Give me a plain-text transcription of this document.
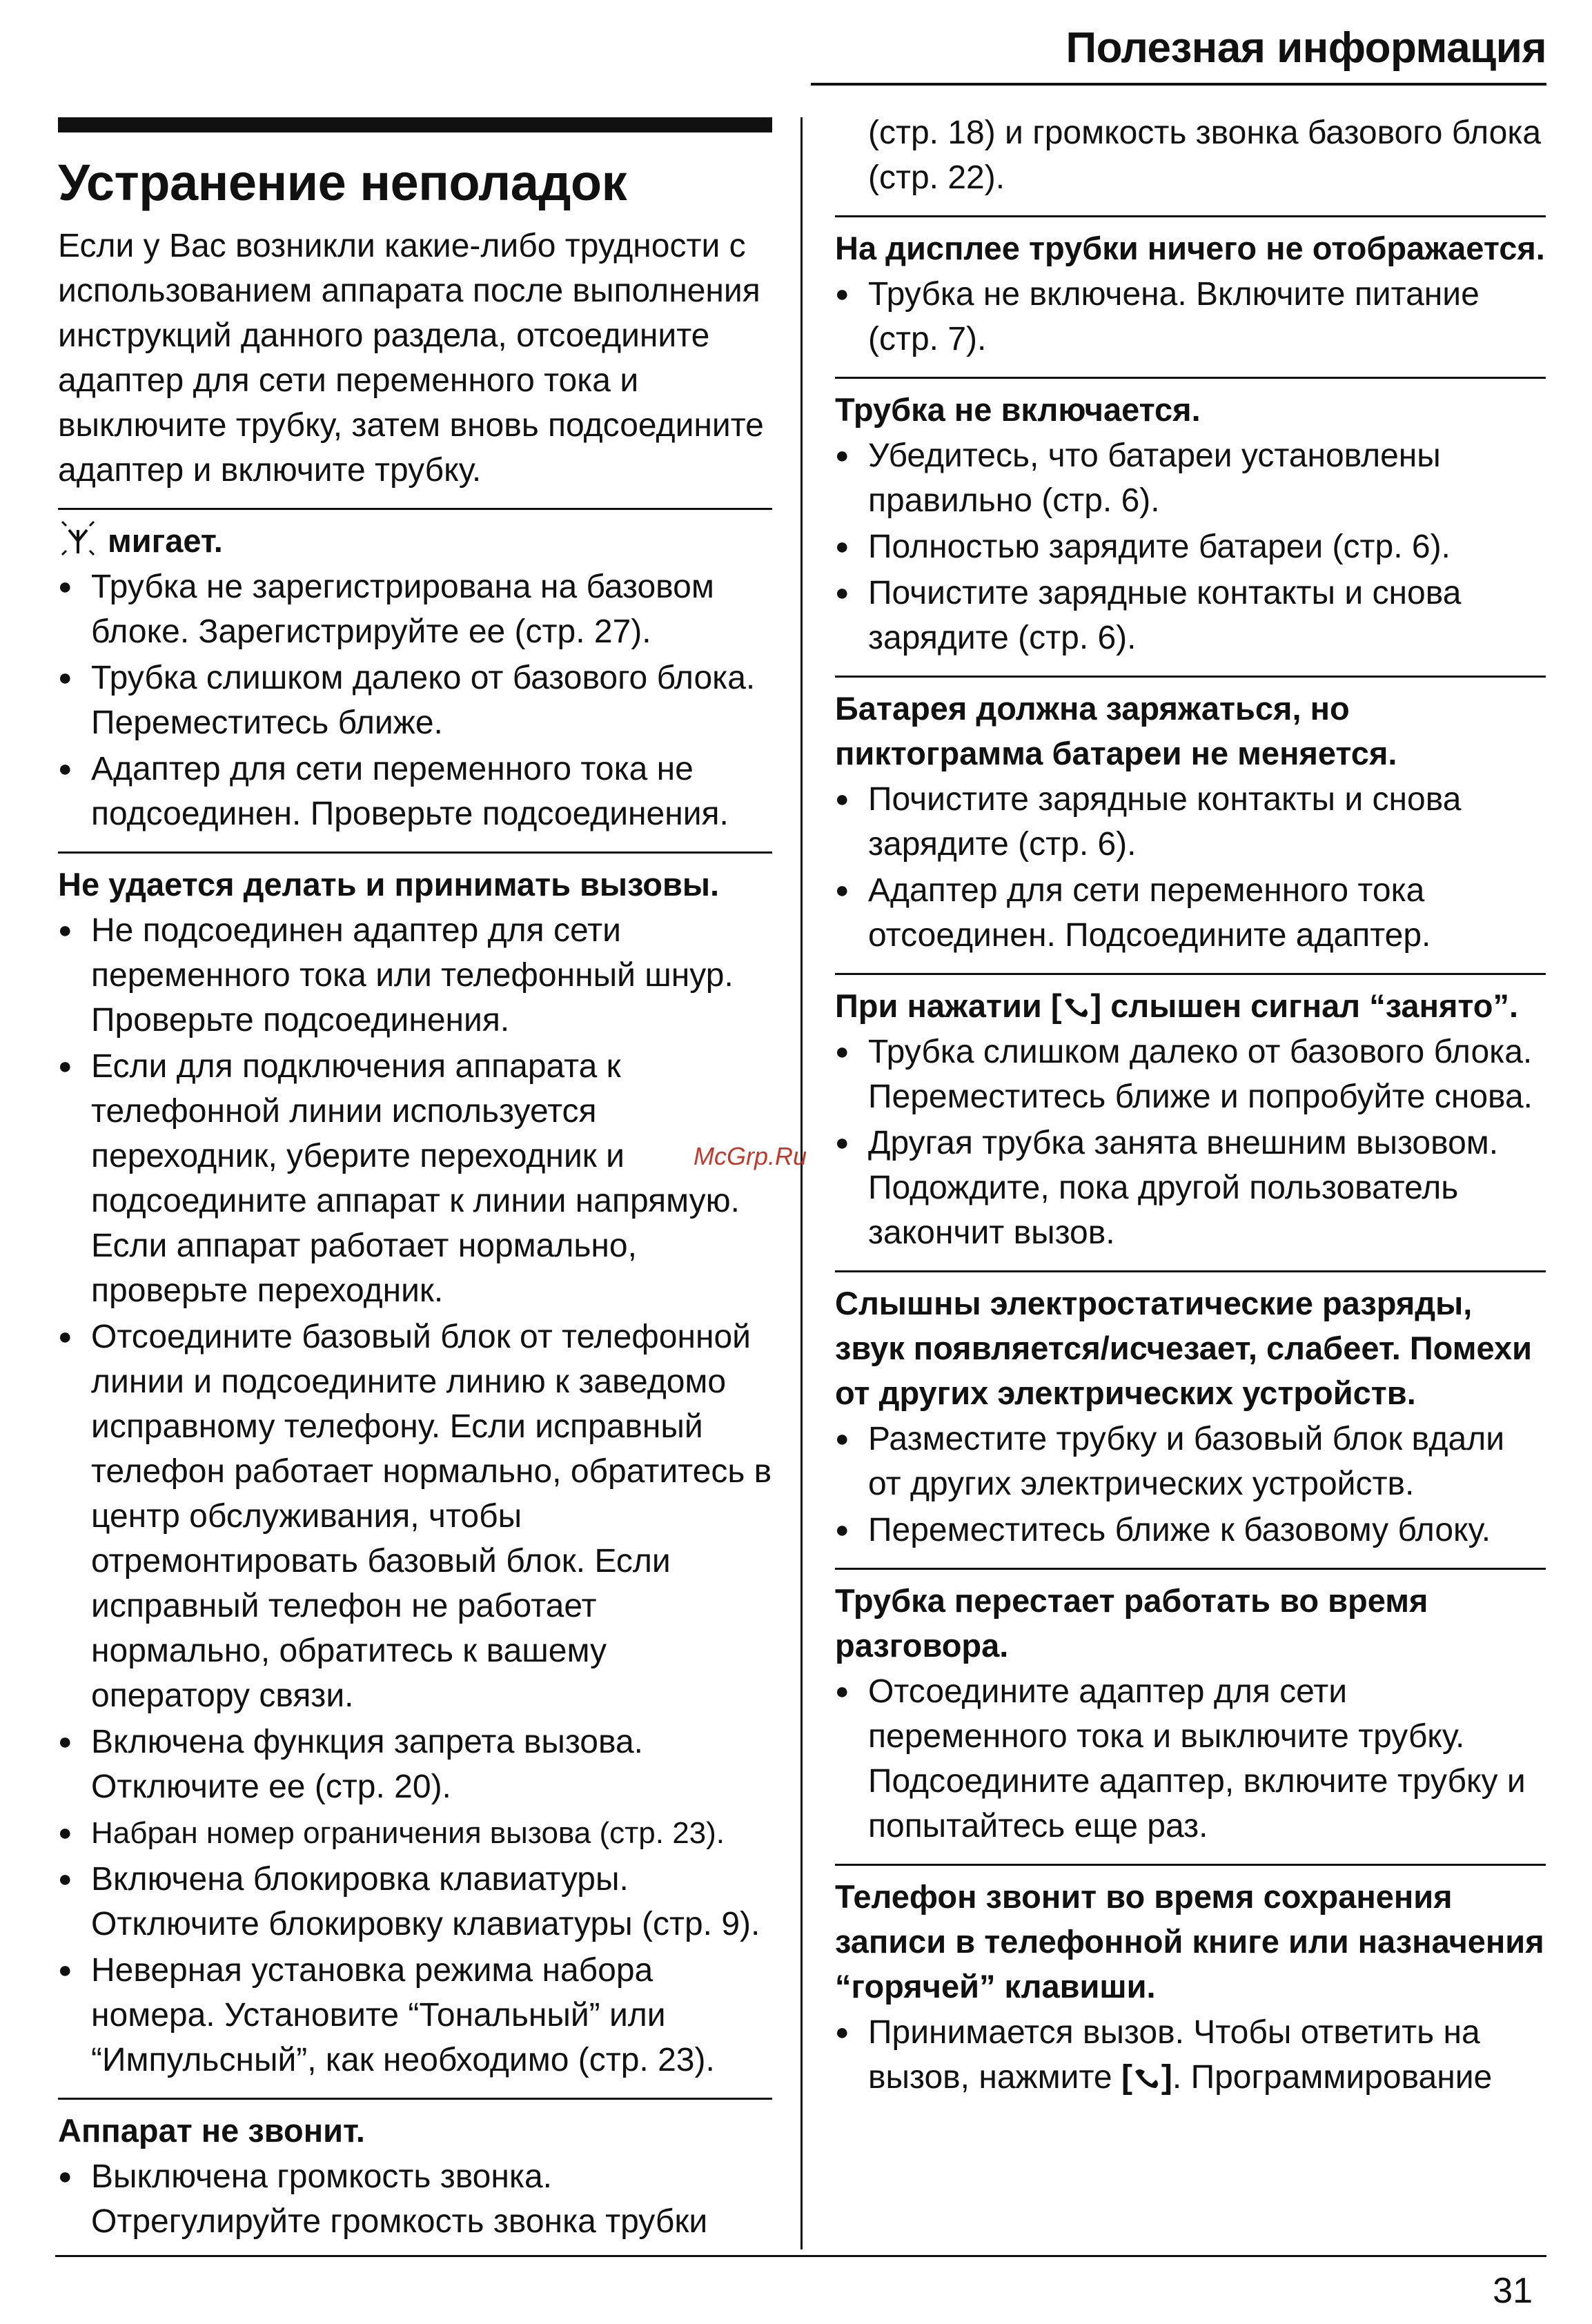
Полезная информация
Устранение неполадок

Если у Вас возникли какие-либо трудности с использованием аппарата после выполнения инструкций данного раздела, отсоедините адаптер для сети переменного тока и выключите трубку, затем вновь подсоедините адаптер и включите трубку.

мигает.
● Трубка не зарегистрирована на базовом блоке. Зарегистрируйте ее (стр. 27).
● Трубка слишком далеко от базового блока. Переместитесь ближе.
● Адаптер для сети переменного тока не подсоединен. Проверьте подсоединения.
Не удается делать и принимать вызовы.
● Не подсоединен адаптер для сети переменного тока или телефонный шнур. Проверьте подсоединения.
● Если для подключения аппарата к телефонной линии используется переходник, уберите переходник и подсоедините аппарат к линии напрямую. Если аппарат работает нормально, проверьте переходник.
● Отсоедините базовый блок от телефонной линии и подсоедините линию к заведомо исправному телефону. Если исправный телефон работает нормально, обратитесь в центр обслуживания, чтобы отремонтировать базовый блок. Если исправный телефон не работает нормально, обратитесь к вашему оператору связи.
● Включена функция запрета вызова. Отключите ее (стр. 20).
● Набран номер ограничения вызова (стр. 23).
● Включена блокировка клавиатуры. Отключите блокировку клавиатуры (стр. 9).
● Неверная установка режима набора номера. Установите “Тональный” или “Импульсный”, как необходимо (стр. 23).
Аппарат не звонит.
● Выключена громкость звонка. Отрегулируйте громкость звонка трубки
(стр. 18) и громкость звонка базового блока (стр. 22).
На дисплее трубки ничего не отображается.
● Трубка не включена. Включите питание (стр. 7).
Трубка не включается.
● Убедитесь, что батареи установлены правильно (стр. 6).
● Полностью зарядите батареи (стр. 6).
● Почистите зарядные контакты и снова зарядите (стр. 6).
Батарея должна заряжаться, но пиктограмма батареи не меняется.
● Почистите зарядные контакты и снова зарядите (стр. 6).
● Адаптер для сети переменного тока отсоединен. Подсоедините адаптер.
При нажатии [ ] слышен сигнал “занято”.
● Трубка слишком далеко от базового блока. Переместитесь ближе и попробуйте снова.
● Другая трубка занята внешним вызовом. Подождите, пока другой пользователь закончит вызов.
Слышны электростатические разряды, звук появляется/исчезает, слабеет. Помехи от других электрических устройств.
● Разместите трубку и базовый блок вдали от других электрических устройств.
● Переместитесь ближе к базовому блоку.
Трубка перестает работать во время разговора.
● Отсоедините адаптер для сети переменного тока и выключите трубку. Подсоедините адаптер, включите трубку и попытайтесь еще раз.
Телефон звонит во время сохранения записи в телефонной книге или назначения “горячей” клавиши.
● Принимается вызов. Чтобы ответить на вызов, нажмите [ ]. Программирование
McGrp.Ru
31
